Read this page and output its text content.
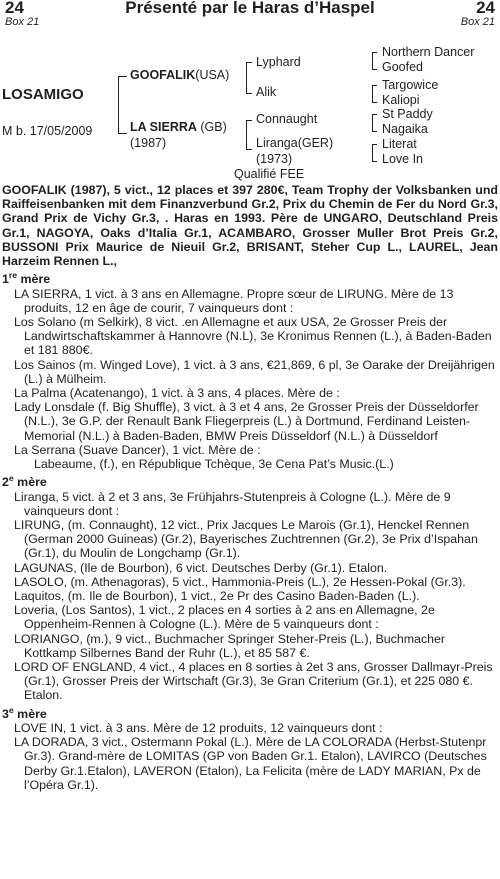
24	Présenté par le Haras d’Haspel	24
Box 21	Box 21
LOSAMIGO
M b. 17/05/2009
GOOFALIK(USA)
LA SIERRA (GB)
(1987)
Lyphard
Alik
Connaught
Liranga(GER)
(1973)
Northern Dancer
Goofed
Targowice
Kaliopi
St Paddy
Nagaika
Literat
Love In
Qualifié FEE

GOOFALIK (1987), 5 vict., 12 places et 397 280€, Team Trophy der Volksbanken und Raiffeisenbanken mit dem Finanzverbund Gr.2, Prix du Chemin de Fer du Nord Gr.3, Grand Prix de Vichy Gr.3, . Haras en 1993. Père de UNGARO, Deutschland Preis Gr.1, NAGOYA, Oaks d’Italia Gr.1, ACAMBARO, Grosser Muller Brot Preis Gr.2, BUSSONI Prix Maurice de Nieuil Gr.2, BRISANT, Steher Cup L., LAUREL, Jean Harzeim Rennen L.,

1re mère

LA SIERRA, 1 vict. à 3 ans en Allemagne. Propre sœur de LIRUNG. Mère de 13 produits, 12 en âge de courir, 7 vainqueurs dont :

Los Solano (m Selkirk), 8 vict. .en Allemagne et aux USA, 2e Grosser Preis der Landwirtschaftskammer à Hannovre (N.L), 3e Kronimus Rennen (L.), à Baden-Baden et 181 880€.

Los Sainos (m. Winged Love), 1 vict. à 3 ans, €21,869, 6 pl, 3e Oarake der Dreijährigen (L.) à Mülheim.

La Palma (Acatenango), 1 vict. à 3 ans, 4 places. Mère de :

Lady Lonsdale (f. Big Shuffle), 3 vict. à 3 et 4 ans, 2e Grosser Preis der Düsseldorfer (N.L.), 3e G.P. der Renault Bank Fliegerpreis (L.) à Dortmund, Ferdinand Leisten-Memorial (N.L.) à Baden-Baden, BMW Preis Düsseldorf (N.L.) à Düsseldorf

La Serrana (Suave Dancer), 1 vict. Mère de :

Labeaume, (f.), en République Tchèque, 3e Cena Pat’s Music.(L.)

2e mère

Liranga, 5 vict. à 2 et 3 ans, 3e Frühjahrs-Stutenpreis à Cologne (L.). Mère de 9 vainqueurs dont :

LIRUNG, (m. Connaught), 12 vict., Prix Jacques Le Marois (Gr.1), Henckel Rennen (German 2000 Guineas) (Gr.2), Bayerisches Zuchtrennen (Gr.2), 3e Prix d’Ispahan (Gr.1), du Moulin de Longchamp (Gr.1).

LAGUNAS, (Ile de Bourbon), 6 vict. Deutsches Derby (Gr.1). Etalon.

LASOLO, (m. Athenagoras), 5 vict., Hammonia-Preis (L.), 2e Hessen-Pokal (Gr.3).

Laquitos, (m. Ile de Bourbon), 1 vict., 2e Pr des Casino Baden-Baden (L.).

Loveria, (Los Santos), 1 vict., 2 places en 4 sorties à 2 ans en Allemagne, 2e Oppenheim-Rennen à Cologne (L.). Mère de 5 vainqueurs dont :

LORIANGO, (m.), 9 vict., Buchmacher Springer Steher-Preis (L.), Buchmacher Kottkamp Silbernes Band der Ruhr (L.), et 85 587 €.

LORD OF ENGLAND, 4 vict., 4 places en 8 sorties à 2et 3 ans, Grosser Dallmayr-Preis (Gr.1), Grosser Preis der Wirtschaft (Gr.3), 3e Gran Criterium (Gr.1), et 225 080 €. Etalon.

3e mère

LOVE IN, 1 vict. à 3 ans. Mère de 12 produits, 12 vainqueurs dont :

LA DORADA, 3 vict., Ostermann Pokal (L.). Mère de LA COLORADA (Herbst-Stutenpr Gr.3). Grand-mère de LOMITAS (GP von Baden Gr.1. Etalon), LAVIRCO (Deutsches Derby Gr.1.Etalon), LAVERON (Etalon), La Felicita (mère de LADY MARIAN, Px de l’Opéra Gr.1).
